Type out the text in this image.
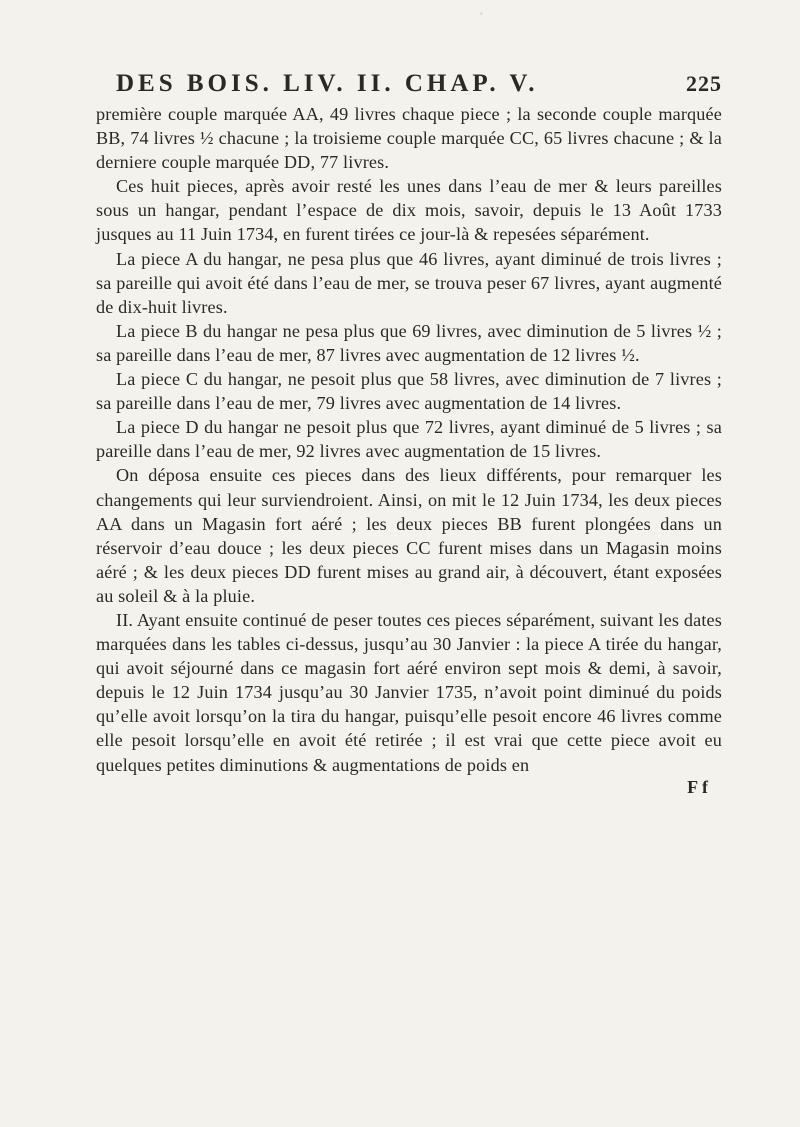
DES BOIS. LIV. II. CHAP. V.	225

première couple marquée AA, 49 livres chaque piece ; la seconde couple marquée BB, 74 livres ½ chacune ; la troisieme couple marquée CC, 65 livres chacune ; & la derniere couple marquée DD, 77 livres.

Ces huit pieces, après avoir resté les unes dans l’eau de mer & leurs pareilles sous un hangar, pendant l’espace de dix mois, savoir, depuis le 13 Août 1733 jusques au 11 Juin 1734, en furent tirées ce jour-là & repesées séparément.

La piece A du hangar, ne pesa plus que 46 livres, ayant diminué de trois livres ; sa pareille qui avoit été dans l’eau de mer, se trouva peser 67 livres, ayant augmenté de dix-huit livres.

La piece B du hangar ne pesa plus que 69 livres, avec diminution de 5 livres ½ ; sa pareille dans l’eau de mer, 87 livres avec augmentation de 12 livres ½.

La piece C du hangar, ne pesoit plus que 58 livres, avec diminution de 7 livres ; sa pareille dans l’eau de mer, 79 livres avec augmentation de 14 livres.

La piece D du hangar ne pesoit plus que 72 livres, ayant diminué de 5 livres ; sa pareille dans l’eau de mer, 92 livres avec augmentation de 15 livres.

On déposa ensuite ces pieces dans des lieux différents, pour remarquer les changements qui leur surviendroient. Ainsi, on mit le 12 Juin 1734, les deux pieces AA dans un Magasin fort aéré ; les deux pieces BB furent plongées dans un réservoir d’eau douce ; les deux pieces CC furent mises dans un Magasin moins aéré ; & les deux pieces DD furent mises au grand air, à découvert, étant exposées au soleil & à la pluie.

II. Ayant ensuite continué de peser toutes ces pieces séparément, suivant les dates marquées dans les tables ci-dessus, jusqu’au 30 Janvier : la piece A tirée du hangar, qui avoit séjourné dans ce magasin fort aéré environ sept mois & demi, à savoir, depuis le 12 Juin 1734 jusqu’au 30 Janvier 1735, n’avoit point diminué du poids qu’elle avoit lorsqu’on la tira du hangar, puisqu’elle pesoit encore 46 livres comme elle pesoit lorsqu’elle en avoit été retirée ; il est vrai que cette piece avoit eu quelques petites diminutions & augmentations de poids en

F f
